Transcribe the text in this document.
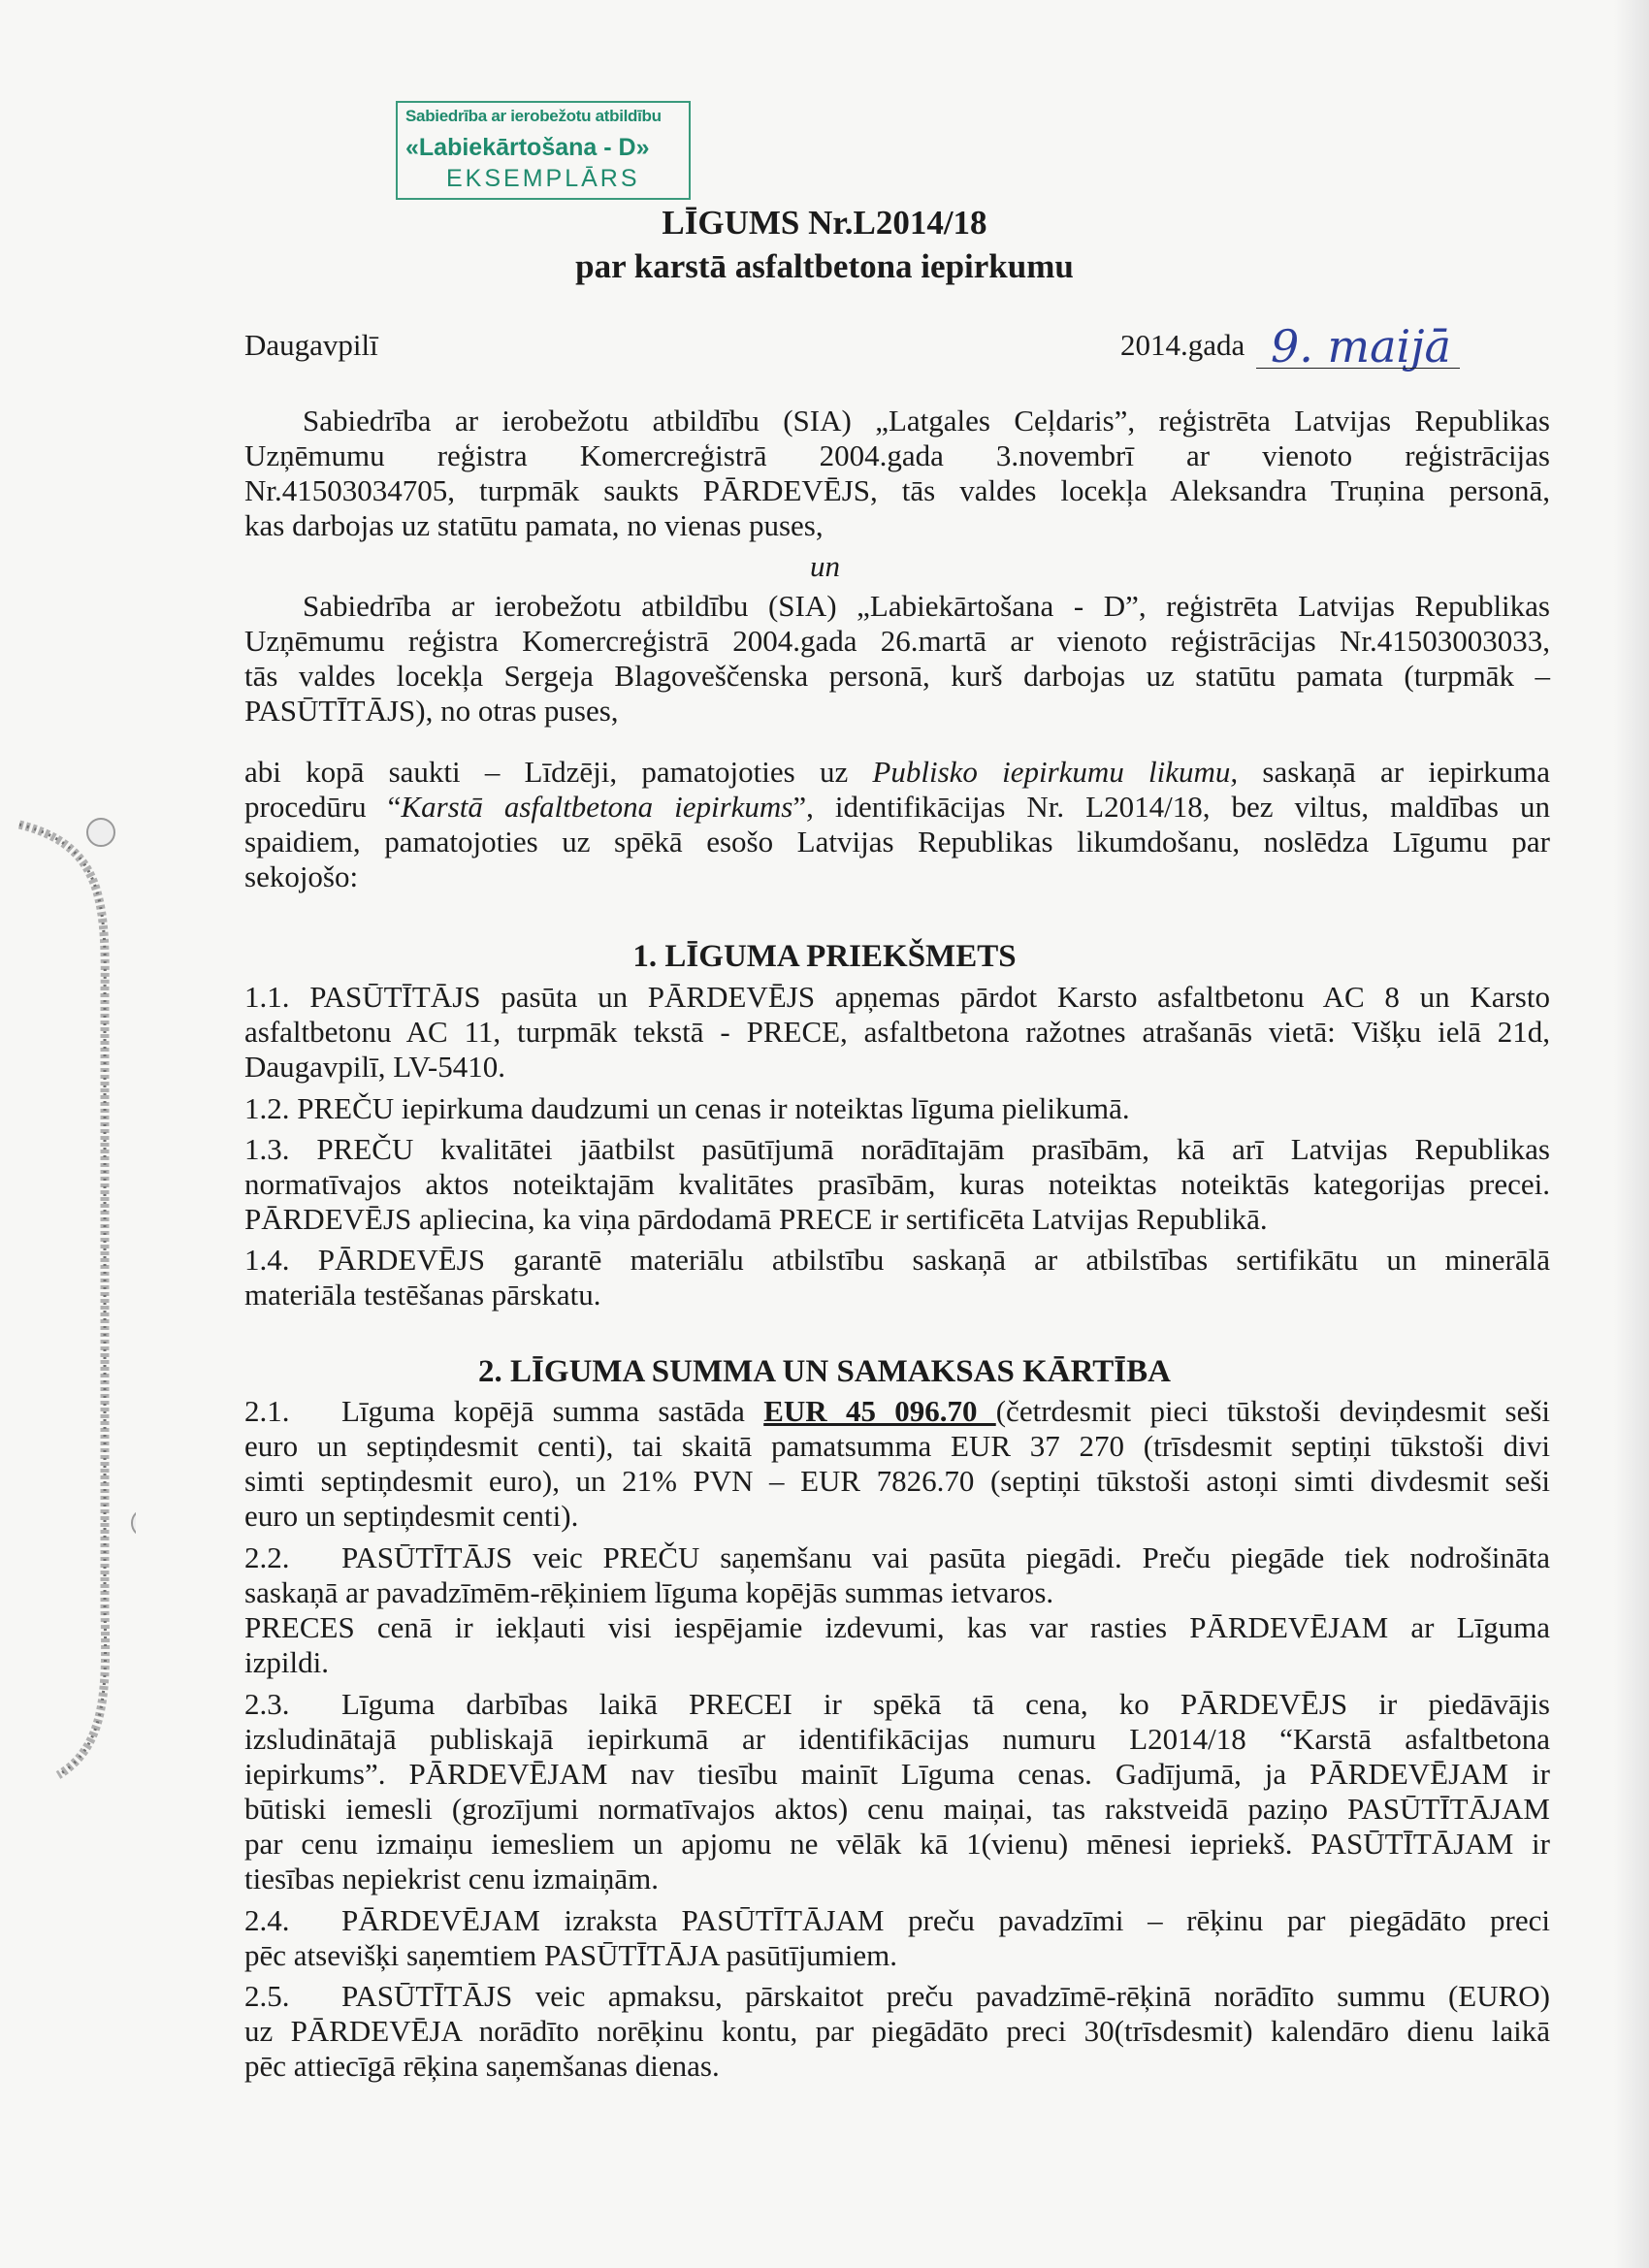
Sabiedrība ar ierobežotu atbildību
«Labiekārtošana - D»
EKSEMPLĀRS
LĪGUMS Nr.L2014/18
par karstā asfaltbetona iepirkumu
Daugavpilī	2014.gada 9. maijā
Sabiedrība ar ierobežotu atbildību (SIA) „Latgales Ceļdaris”, reģistrēta Latvijas Republikas
Uzņēmumu reģistra Komercreģistrā 2004.gada 3.novembrī ar vienoto reģistrācijas
Nr.41503034705, turpmāk saukts PĀRDEVĒJS, tās valdes locekļa Aleksandra Truņina personā,
kas darbojas uz statūtu pamata, no vienas puses,
un
Sabiedrība ar ierobežotu atbildību (SIA) „Labiekārtošana - D”, reģistrēta Latvijas Republikas
Uzņēmumu reģistra Komercreģistrā 2004.gada 26.martā ar vienoto reģistrācijas Nr.41503003033,
tās valdes locekļa Sergeja Blagoveščenska personā, kurš darbojas uz statūtu pamata (turpmāk –
PASŪTĪTĀJS), no otras puses,
abi kopā saukti – Līdzēji, pamatojoties uz Publisko iepirkumu likumu, saskaņā ar iepirkuma
procedūru “Karstā asfaltbetona iepirkums”, identifikācijas Nr. L2014/18, bez viltus, maldības un
spaidiem, pamatojoties uz spēkā esošo Latvijas Republikas likumdošanu, noslēdza Līgumu par
sekojošo:
1. LĪGUMA PRIEKŠMETS
1.1. PASŪTĪTĀJS pasūta un PĀRDEVĒJS apņemas pārdot Karsto asfaltbetonu AC 8 un Karsto
asfaltbetonu AC 11, turpmāk tekstā - PRECE, asfaltbetona ražotnes atrašanās vietā: Višķu ielā 21d,
Daugavpilī, LV-5410.
1.2. PREČU iepirkuma daudzumi un cenas ir noteiktas līguma pielikumā.
1.3. PREČU kvalitātei jāatbilst pasūtījumā norādītajām prasībām, kā arī Latvijas Republikas
normatīvajos aktos noteiktajām kvalitātes prasībām, kuras noteiktas noteiktās kategorijas precei.
PĀRDEVĒJS apliecina, ka viņa pārdodamā PRECE ir sertificēta Latvijas Republikā.
1.4. PĀRDEVĒJS garantē materiālu atbilstību saskaņā ar atbilstības sertifikātu un minerālā
materiāla testēšanas pārskatu.
2. LĪGUMA SUMMA UN SAMAKSAS KĀRTĪBA
2.1.	Līguma kopējā summa sastāda EUR 45 096.70 (četrdesmit pieci tūkstoši deviņdesmit seši
euro un septiņdesmit centi), tai skaitā pamatsumma EUR 37 270 (trīsdesmit septiņi tūkstoši divi
simti septiņdesmit euro), un 21% PVN – EUR 7826.70 (septiņi tūkstoši astoņi simti divdesmit seši
euro un septiņdesmit centi).
2.2.	PASŪTĪTĀJS veic PREČU saņemšanu vai pasūta piegādi. Preču piegāde tiek nodrošināta
saskaņā ar pavadzīmēm-rēķiniem līguma kopējās summas ietvaros.
PRECES cenā ir iekļauti visi iespējamie izdevumi, kas var rasties PĀRDEVĒJAM ar Līguma
izpildi.
2.3.	Līguma darbības laikā PRECEI ir spēkā tā cena, ko PĀRDEVĒJS ir piedāvājis
izsludinātajā publiskajā iepirkumā ar identifikācijas numuru L2014/18 “Karstā asfaltbetona
iepirkums”. PĀRDEVĒJAM nav tiesību mainīt Līguma cenas. Gadījumā, ja PĀRDEVĒJAM ir
būtiski iemesli (grozījumi normatīvajos aktos) cenu maiņai, tas rakstveidā paziņo PASŪTĪTĀJAM
par cenu izmaiņu iemesliem un apjomu ne vēlāk kā 1(vienu) mēnesi iepriekš. PASŪTĪTĀJAM ir
tiesības nepiekrist cenu izmaiņām.
2.4.	PĀRDEVĒJAM izraksta PASŪTĪTĀJAM preču pavadzīmi – rēķinu par piegādāto preci
pēc atsevišķi saņemtiem PASŪTĪTĀJA pasūtījumiem.
2.5.	PASŪTĪTĀJS veic apmaksu, pārskaitot preču pavadzīmē-rēķinā norādīto summu (EURO)
uz PĀRDEVĒJA norādīto norēķinu kontu, par piegādāto preci 30(trīsdesmit) kalendāro dienu laikā
pēc attiecīgā rēķina saņemšanas dienas.
